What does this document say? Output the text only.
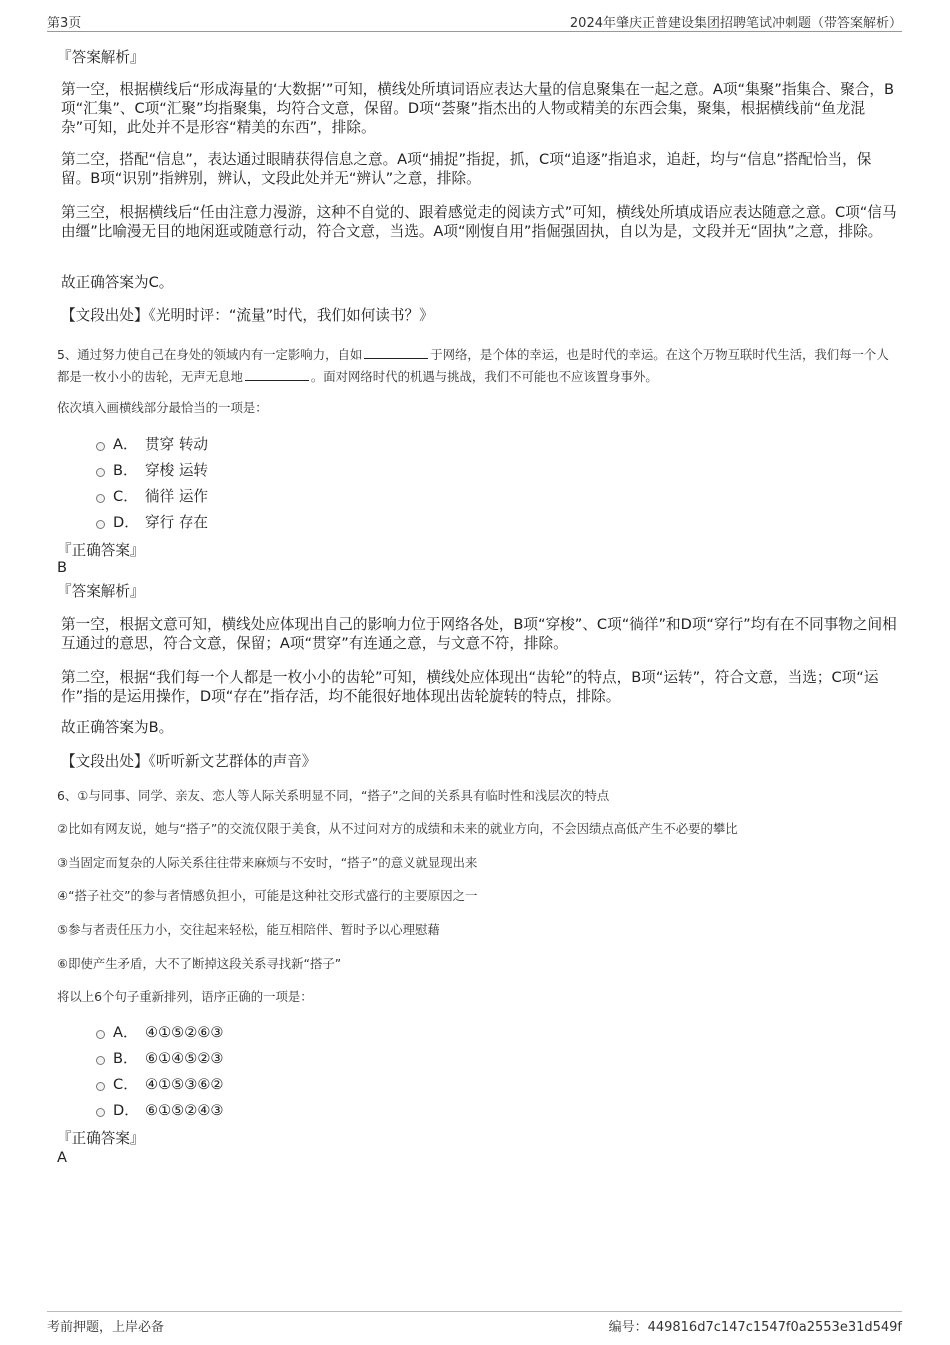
第3页	2024年肇庆正普建设集团招聘笔试冲刺题（带答案解析）

『答案解析』

第一空，根据横线后“形成海量的‘大数据’”可知，横线处所填词语应表达大量的信息聚集在一起之意。A项“集聚”指集合、聚合，B项“汇集”、C项“汇聚”均指聚集，均符合文意，保留。D项“荟聚”指杰出的人物或精美的东西会集，聚集，根据横线前“鱼龙混杂”可知，此处并不是形容“精美的东西”，排除。

第二空，搭配“信息”，表达通过眼睛获得信息之意。A项“捕捉”指捉，抓，C项“追逐”指追求，追赶，均与“信息”搭配恰当，保留。B项“识别”指辨别，辨认，文段此处并无“辨认”之意，排除。

第三空，根据横线后“任由注意力漫游，这种不自觉的、跟着感觉走的阅读方式”可知，横线处所填成语应表达随意之意。C项“信马由缰”比喻漫无目的地闲逛或随意行动，符合文意，当选。A项“刚愎自用”指倔强固执，自以为是，文段并无“固执”之意，排除。

故正确答案为C。

【文段出处】《光明时评：“流量”时代，我们如何读书？》

5、通过努力使自己在身处的领域内有一定影响力，自如	于网络，是个体的幸运，也是时代的幸运。在这个万物互联时代生活，我们每一个人都是一枚小小的齿轮，无声无息地	。面对网络时代的机遇与挑战，我们不可能也不应该置身事外。

依次填入画横线部分最恰当的一项是：

A． 贯穿 转动
B． 穿梭 运转
C． 徜徉 运作
D． 穿行 存在

『正确答案』

B

『答案解析』

第一空，根据文意可知，横线处应体现出自己的影响力位于网络各处，B项“穿梭”、C项“徜徉”和D项“穿行”均有在不同事物之间相互通过的意思，符合文意，保留；A项“贯穿”有连通之意，与文意不符，排除。

第二空，根据“我们每一个人都是一枚小小的齿轮”可知，横线处应体现出“齿轮”的特点，B项“运转”，符合文意，当选；C项“运作”指的是运用操作，D项“存在”指存活，均不能很好地体现出齿轮旋转的特点，排除。

故正确答案为B。

【文段出处】《听听新文艺群体的声音》

6、①与同事、同学、亲友、恋人等人际关系明显不同，“搭子”之间的关系具有临时性和浅层次的特点

②比如有网友说，她与“搭子”的交流仅限于美食，从不过问对方的成绩和未来的就业方向，不会因绩点高低产生不必要的攀比

③当固定而复杂的人际关系往往带来麻烦与不安时，“搭子”的意义就显现出来

④“搭子社交”的参与者情感负担小，可能是这种社交形式盛行的主要原因之一

⑤参与者责任压力小，交往起来轻松，能互相陪伴、暂时予以心理慰藉

⑥即使产生矛盾，大不了断掉这段关系寻找新“搭子”

将以上6个句子重新排列，语序正确的一项是：

A． ④①⑤②⑥③
B． ⑥①④⑤②③
C． ④①⑤③⑥②
D． ⑥①⑤②④③

『正确答案』

A

考前押题，上岸必备	编号：449816d7c147c1547f0a2553e31d549f
